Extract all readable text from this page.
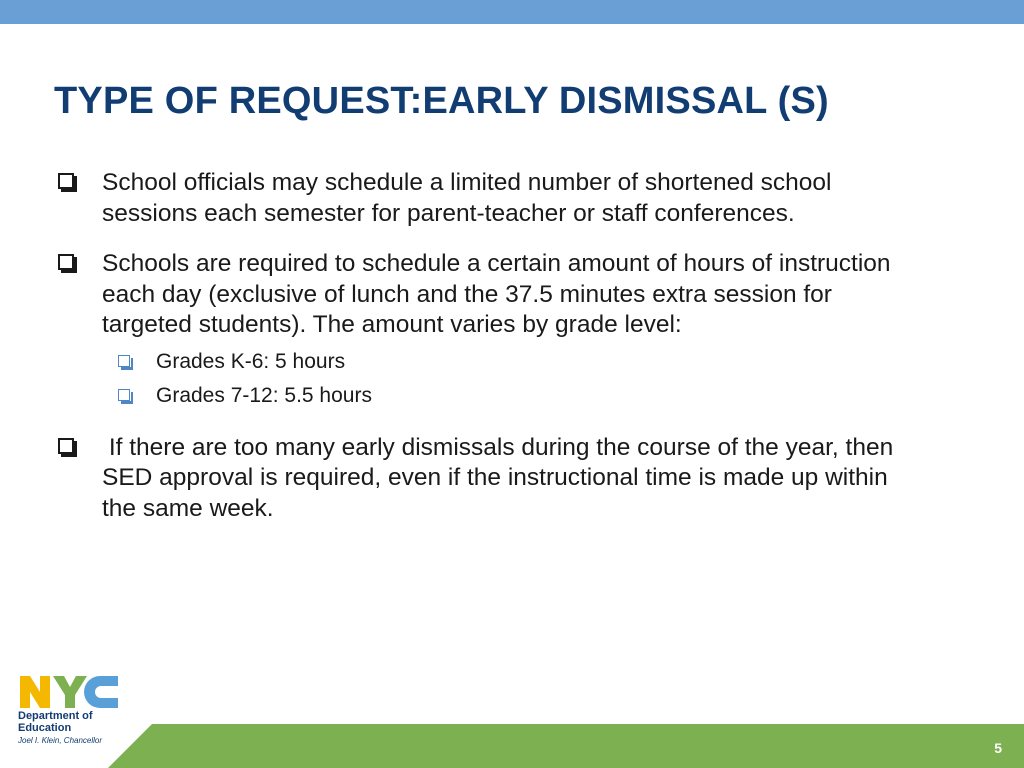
TYPE OF REQUEST:EARLY DISMISSAL (S)
School officials may schedule a limited number of shortened school sessions each semester for parent-teacher or staff conferences.
Schools are required to schedule a certain amount of hours of instruction each day (exclusive of lunch and the 37.5 minutes extra session for targeted students). The amount varies by grade level:
Grades K-6: 5 hours
Grades 7-12: 5.5 hours
If there are too many early dismissals during the course of the year, then SED approval is required, even if the instructional time is made up within the same week.
Department of
Education
Joel I. Klein, Chancellor	5
